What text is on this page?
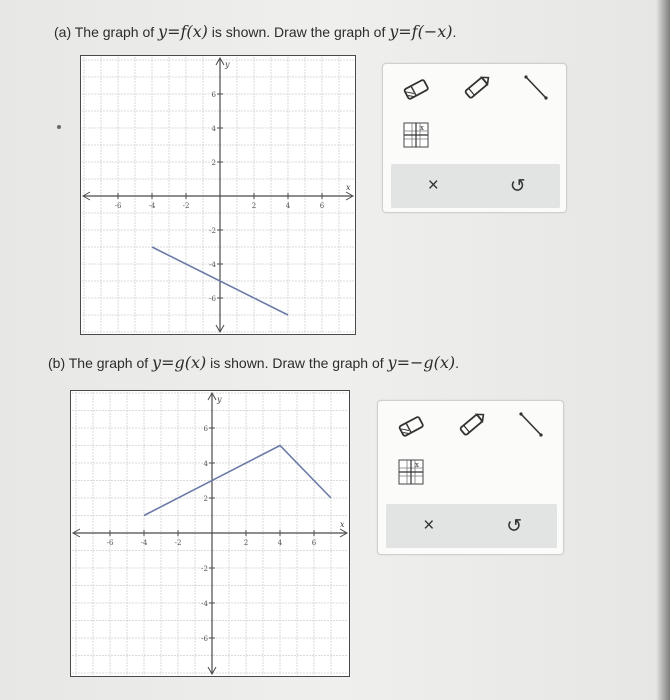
(a) The graph of y=f(x) is shown. Draw the graph of y=f(−x).
x
y
-6	-4	-2	2	4	6
6
4
2
-2
-4
-6
x
×	↺
(b) The graph of y=g(x) is shown. Draw the graph of y=−g(x).
x
y
-6	-4	-2	2	4	6
6
4
2
-2
-4
-6
x
×	↺
